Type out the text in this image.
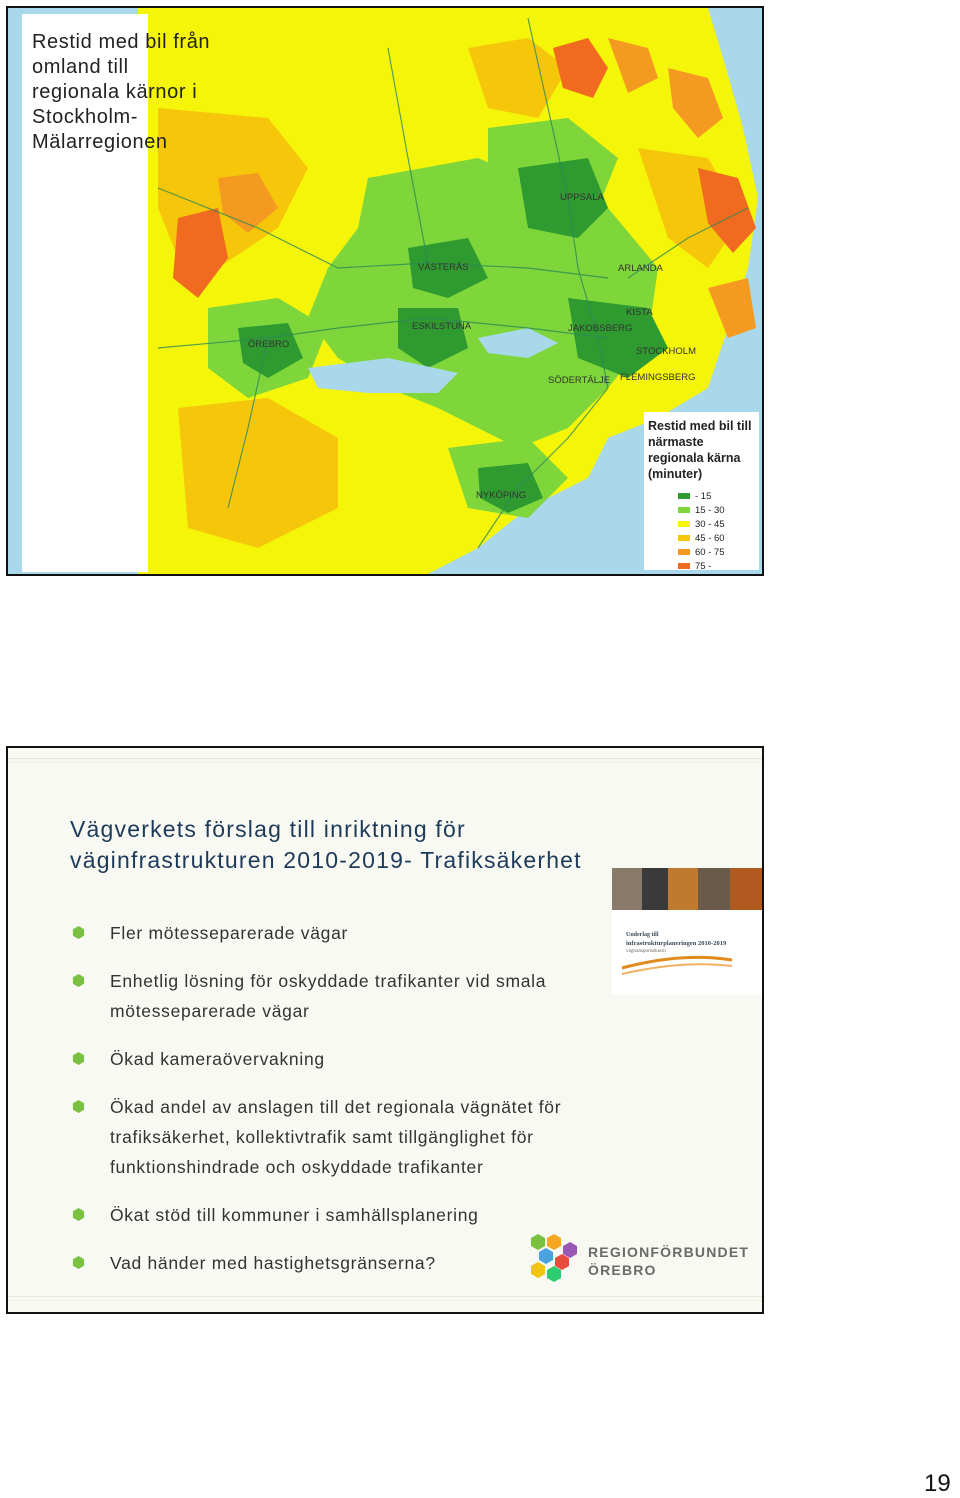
Restid med bil från omland till regionala kärnor i Stockholm-Mälarregionen
UPPSALA
VÄSTERÅS	ARLANDA
KISTA
ESKILSTUNA	JAKOBSBERG
ÖREBRO
STOCKHOLM
SÖDERTÄLJE FLEMINGSBERG
NYKÖPING
Restid med bil till närmaste regionala kärna (minuter)
- 15
15 - 30
30 - 45
45 - 60
60 - 75
75 -
Vägverkets förslag till inriktning för
väginfrastrukturen 2010-2019- Trafiksäkerhet
Fler mötesseparerade vägar
Enhetlig lösning för oskyddade trafikanter vid smala mötesseparerade vägar
Ökad kameraövervakning
Ökad andel av anslagen till det regionala vägnätet för trafiksäkerhet, kollektivtrafik samt tillgänglighet för funktionshindrade och oskyddade trafikanter
Ökat stöd till kommuner i samhällsplanering
Vad händer med hastighetsgränserna?
Underlag till
infrastrukturplaneringen 2010-2019
vägtransportsektorn
REGIONFÖRBUNDET
ÖREBRO
19
